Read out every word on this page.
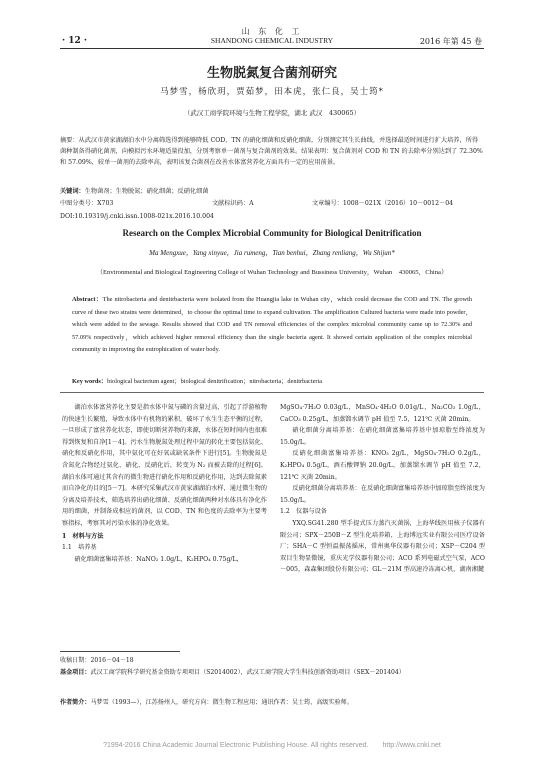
· 12 ·
山 东 化 工
SHANDONG CHEMICAL INDUSTRY	2016 年第 45 卷
生物脱氮复合菌剂研究
马梦雪，杨欣玥，贾茹梦，田本虎，张仁良，吴士筠*
（武汉工商学院环境与生物工程学院，湖北 武汉　430065）
摘要：从武汉市黄家湖湖泊水中分离筛选得到能够降低 COD、TN 的硝化细菌和反硝化细菌，分别测定其生长曲线，并选择最适时间进行扩大培养，所得菌种制备得硝化菌剂，向模拟污水环境适量投加，分别考察单一菌剂与复合菌剂的效果。结果表明：复合菌剂对 COD 和 TN 的去除率分别达到了 72.30% 和 57.09%，较单一菌剂的去除率高，表明该复合菌剂在改善水体富营养化方面具有一定的应用前景。
关键词：生物菌剂；生物脱氮；硝化细菌；反硝化细菌
中图分类号：X703	文献标识码：A	文章编号：1008－021X（2016）10－0012－04
DOI:10.19319/j.cnki.issn.1008-021x.2016.10.004
Research on the Complex Microbial Community for Biological Denitrification
Ma Mengxue，Yang xinyue，Jia rumeng，Tian benhui，Zhang renliang，Wu Shijun*
（Environmental and Biological Engineering College of Wuhan Technology and Bussiness University，Wuhan　430065，China）
Abstract：The nitrobacteria and denitrbacteria were isolated from the Huangjia lake in Wuhan city，which could decrease the COD and TN. The growth curve of these two strains were determined，to choose the optimal time to expand cultivation. The amplification Cultured bacteria were made into powder，which were added to the sewage. Results showed that COD and TN removal efficiencies of the complex microbial community came up to 72.30% and 57.09% respectively，which achieved higher removal efficiency than the single bacteria agent. It showed certain application of the complex microbial community in improving the eutrophication of water body.
Key words：biological bacterium agent；biological denitrification；nitrobacteria；denitrbacteria

湖泊水体富营养化主要是指水体中氮与磷的含量过高，引起了浮游植物的快速生长繁殖，导致水体中有机物的累积，破坏了水生生态平衡的过程，一旦形成了富营养化状态，即使切断营养物的来源，水体在短时间内也很难得到恢复和自净[1－4]。污水生物脱氮处理过程中氮的转化主要包括氨化、硝化和反硝化作用，其中氨化可在好氧或缺氧条件下进行[5]。生物脱氮是含氮化合物经过氨化、硝化、反硝化后，转变为 N₂ 而被去除的过程[6]。湖泊水体可通过其含有的微生物进行硝化作用和反硝化作用，达到去除氮素而自净化的目的[5－7]。本研究采集武汉市黄家湖湖泊水样，通过微生物的分离及培养技术，筛选培养出硝化细菌、反硝化细菌两种对水体具有净化作用的细菌，并制备成相应的菌剂，以 COD、TN 和色度的去除率为主要考察指标，考察其对污染水体的净化效果。

1　材料与方法

1.1　培养基

硝化细菌富集培养基：NaNO₂ 1.0g/L，K₂HPO₄ 0.75g/L，

MgSO₄·7H₂O 0.03g/L，MnSO₄·4H₂O 0.01g/L，Na₂CO₃ 1.0g/L，CaCO₃ 0.25g/L，加蒸馏水调节 pH 值至 7.5，121℃ 灭菌 20min。

硝化细菌分离培养基：在硝化细菌富集培养基中加琼脂至终浓度为 15.0g/L。

反硝化细菌富集培养基：KNO₃ 2g/L，MgSO₄·7H₂O 0.2g/L，K₂HPO₄ 0.5g/L，酒石酸钾钠 20.0g/L，加蒸馏水调节 pH 值至 7.2，121℃ 灭菌 20min。

反硝化细菌分离培养基：在反硝化细菌富集培养基中加琼脂至终浓度为 15.0g/L。

1.2　仪器与设备

YXQ.SG41.280 型手提式压力蒸汽灭菌锅，上海华线医用核子仪器有限公司；SPX－250B－Z 型生化培养箱，上海博远实业有限公司医疗设备厂；SHA－C 型恒温振荡摇床，常州奥华仪器有限公司；XSP－C204 型双目生物显微镜，重庆光学仪器有限公司；ACO 系列电磁式空气泵，ACO－005，森森集团股份有限公司；GL－21M 型高速冷冻离心机，湖南湘麓

收稿日期：2016－04－18
基金项目：武汉工商学院科学研究基金资助专项项目（S2014002），武汉工商学院大学生科技创新资助项目（SEX－201404）
作者简介：马梦雪（1993—），江苏扬州人，研究方向：微生物工程应用；通讯作者：吴士筠，高级实验师。
?1994-2016 China Academic Journal Electronic Publishing House. All rights reserved.　　http://www.cnki.net
